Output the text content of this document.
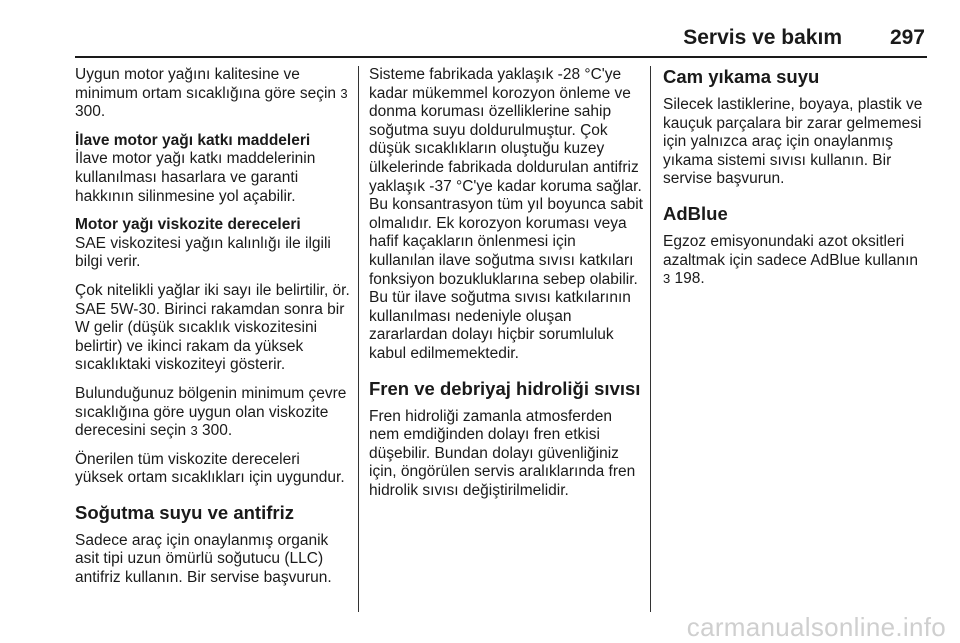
Servis ve bakım	297

Uygun motor yağını kalitesine ve minimum ortam sıcaklığına göre seçin 3 300.

İlave motor yağı katkı maddeleri

İlave motor yağı katkı maddelerinin kullanılması hasarlara ve garanti hakkının silinmesine yol açabilir.

Motor yağı viskozite dereceleri

SAE viskozitesi yağın kalınlığı ile ilgili bilgi verir.

Çok nitelikli yağlar iki sayı ile belirtilir, ör. SAE 5W-30. Birinci rakamdan sonra bir W gelir (düşük sıcaklık viskozitesini belirtir) ve ikinci rakam da yüksek sıcaklıktaki viskoziteyi gösterir.

Bulunduğunuz bölgenin minimum çevre sıcaklığına göre uygun olan viskozite derecesini seçin 3 300.

Önerilen tüm viskozite dereceleri yüksek ortam sıcaklıkları için uygundur.

Soğutma suyu ve antifriz

Sadece araç için onaylanmış organik asit tipi uzun ömürlü soğutucu (LLC) antifriz kullanın. Bir servise başvurun.

Sisteme fabrikada yaklaşık -28 °C'ye kadar mükemmel korozyon önleme ve donma koruması özelliklerine sahip soğutma suyu doldurulmuştur. Çok düşük sıcaklıkların oluştuğu kuzey ülkelerinde fabrikada doldurulan antifriz yaklaşık -37 °C'ye kadar koruma sağlar. Bu konsantrasyon tüm yıl boyunca sabit olmalıdır. Ek korozyon koruması veya hafif kaçakların önlenmesi için kullanılan ilave soğutma sıvısı katkıları fonksiyon bozukluklarına sebep olabilir. Bu tür ilave soğutma sıvısı katkılarının kullanılması nedeniyle oluşan zararlardan dolayı hiçbir sorumluluk kabul edilmemektedir.

Fren ve debriyaj hidroliği sıvısı

Fren hidroliği zamanla atmosferden nem emdiğinden dolayı fren etkisi düşebilir. Bundan dolayı güvenliğiniz için, öngörülen servis aralıklarında fren hidrolik sıvısı değiştirilmelidir.

Cam yıkama suyu

Silecek lastiklerine, boyaya, plastik ve kauçuk parçalara bir zarar gelmemesi için yalnızca araç için onaylanmış yıkama sistemi sıvısı kullanın. Bir servise başvurun.

AdBlue

Egzoz emisyonundaki azot oksitleri azaltmak için sadece AdBlue kullanın
3 198.

carmanualsonline.info
